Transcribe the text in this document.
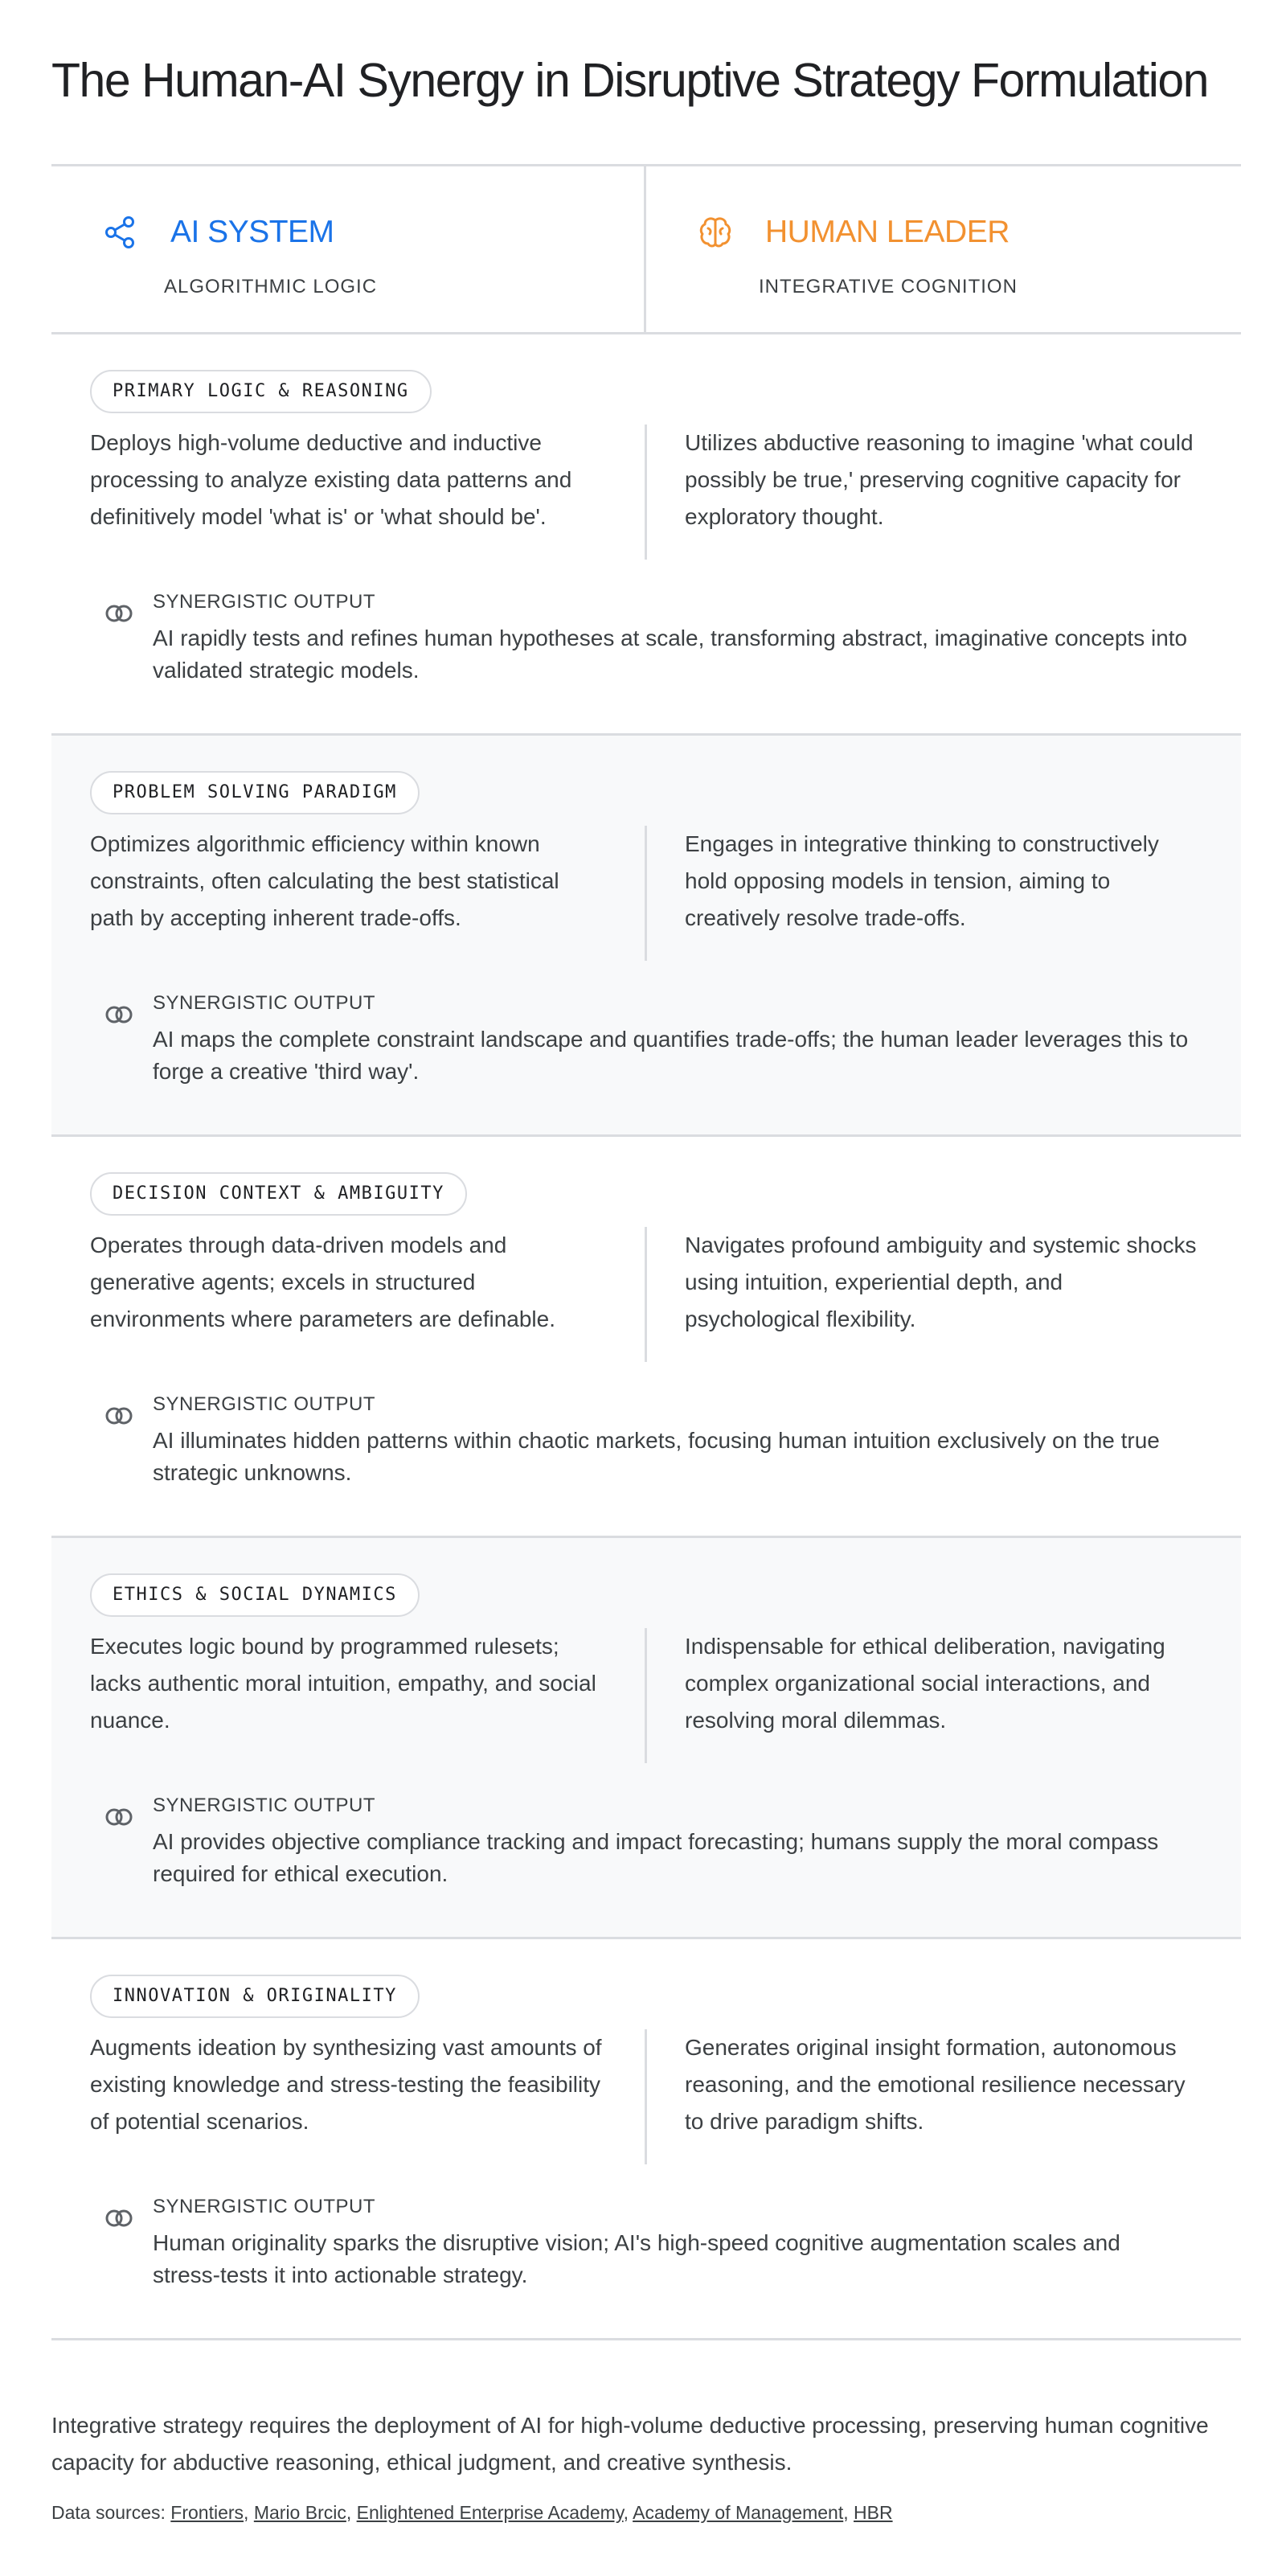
The Human-AI Synergy in Disruptive Strategy Formulation
AI SYSTEM
ALGORITHMIC LOGIC
HUMAN LEADER
INTEGRATIVE COGNITION
PRIMARY LOGIC & REASONING
Deploys high-volume deductive and inductive processing to analyze existing data patterns and definitively model 'what is' or 'what should be'.
Utilizes abductive reasoning to imagine 'what could possibly be true,' preserving cognitive capacity for exploratory thought.
SYNERGISTIC OUTPUT
AI rapidly tests and refines human hypotheses at scale, transforming abstract, imaginative concepts into validated strategic models.
PROBLEM SOLVING PARADIGM
Optimizes algorithmic efficiency within known constraints, often calculating the best statistical path by accepting inherent trade-offs.
Engages in integrative thinking to constructively hold opposing models in tension, aiming to creatively resolve trade-offs.
SYNERGISTIC OUTPUT
AI maps the complete constraint landscape and quantifies trade-offs; the human leader leverages this to forge a creative 'third way'.
DECISION CONTEXT & AMBIGUITY
Operates through data-driven models and generative agents; excels in structured environments where parameters are definable.
Navigates profound ambiguity and systemic shocks using intuition, experiential depth, and psychological flexibility.
SYNERGISTIC OUTPUT
AI illuminates hidden patterns within chaotic markets, focusing human intuition exclusively on the true strategic unknowns.
ETHICS & SOCIAL DYNAMICS
Executes logic bound by programmed rulesets; lacks authentic moral intuition, empathy, and social nuance.
Indispensable for ethical deliberation, navigating complex organizational social interactions, and resolving moral dilemmas.
SYNERGISTIC OUTPUT
AI provides objective compliance tracking and impact forecasting; humans supply the moral compass required for ethical execution.
INNOVATION & ORIGINALITY
Augments ideation by synthesizing vast amounts of existing knowledge and stress-testing the feasibility of potential scenarios.
Generates original insight formation, autonomous reasoning, and the emotional resilience necessary to drive paradigm shifts.
SYNERGISTIC OUTPUT
Human originality sparks the disruptive vision; AI's high-speed cognitive augmentation scales and stress-tests it into actionable strategy.

Integrative strategy requires the deployment of AI for high-volume deductive processing, preserving human cognitive capacity for abductive reasoning, ethical judgment, and creative synthesis.

Data sources: Frontiers, Mario Brcic, Enlightened Enterprise Academy, Academy of Management, HBR
